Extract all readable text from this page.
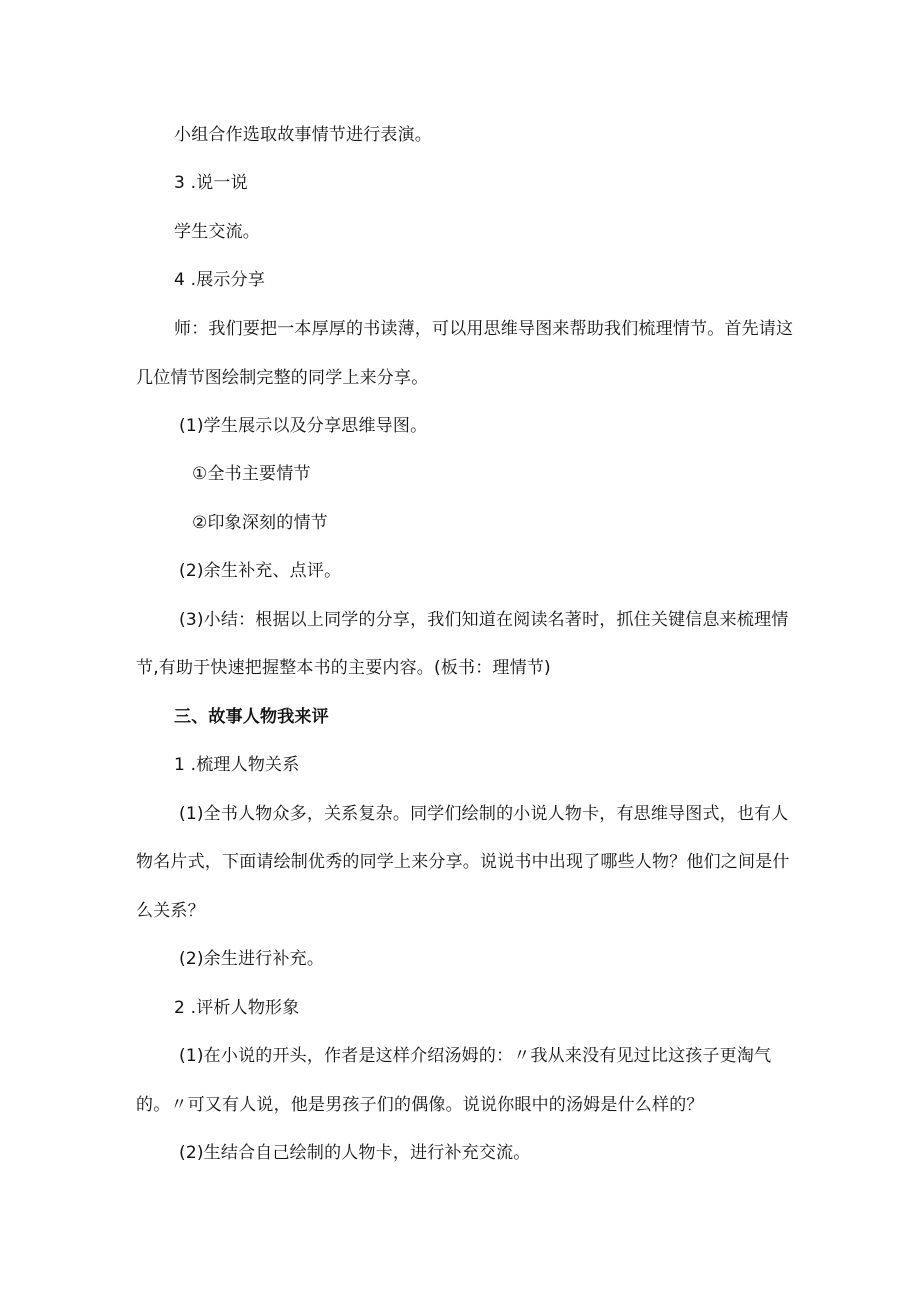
小组合作选取故事情节进行表演。
3 .说一说
学生交流。
4 .展示分享
师：我们要把一本厚厚的书读薄，可以用思维导图来帮助我们梳理情节。首先请这
几位情节图绘制完整的同学上来分享。
(1)学生展示以及分享思维导图。
①全书主要情节
②印象深刻的情节
(2)余生补充、点评。
(3)小结：根据以上同学的分享，我们知道在阅读名著时，抓住关键信息来梳理情
节,有助于快速把握整本书的主要内容。(板书：理情节)
三、故事人物我来评
1 .梳理人物关系
(1)全书人物众多，关系复杂。同学们绘制的小说人物卡，有思维导图式，也有人
物名片式，下面请绘制优秀的同学上来分享。说说书中出现了哪些人物？他们之间是什
么关系？
(2)余生进行补充。
2 .评析人物形象
(1)在小说的开头，作者是这样介绍汤姆的：〃我从来没有见过比这孩子更淘气
的。〃可又有人说，他是男孩子们的偶像。说说你眼中的汤姆是什么样的？
(2)生结合自己绘制的人物卡，进行补充交流。
